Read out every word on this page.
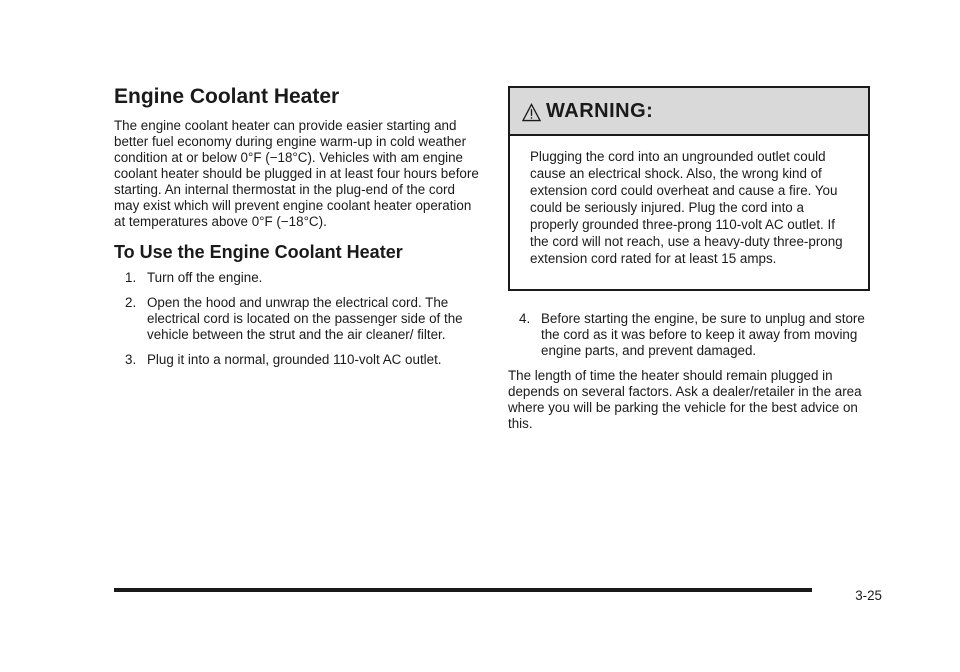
Engine Coolant Heater

The engine coolant heater can provide easier starting and better fuel economy during engine warm-up in cold weather condition at or below 0°F (−18°C). Vehicles with am engine coolant heater should be plugged in at least four hours before starting. An internal thermostat in the plug-end of the cord may exist which will prevent engine coolant heater operation at temperatures above 0°F (−18°C).

To Use the Engine Coolant Heater
1. Turn off the engine.
2. Open the hood and unwrap the electrical cord. The electrical cord is located on the passenger side of the vehicle between the strut and the air cleaner/ filter.
3. Plug it into a normal, grounded 110-volt AC outlet.
WARNING:
Plugging the cord into an ungrounded outlet could cause an electrical shock. Also, the wrong kind of extension cord could overheat and cause a fire. You could be seriously injured. Plug the cord into a properly grounded three-prong 110-volt AC outlet. If the cord will not reach, use a heavy-duty three-prong extension cord rated for at least 15 amps.
4. Before starting the engine, be sure to unplug and store the cord as it was before to keep it away from moving engine parts, and prevent damaged.

The length of time the heater should remain plugged in depends on several factors. Ask a dealer/retailer in the area where you will be parking the vehicle for the best advice on this.

3-25
